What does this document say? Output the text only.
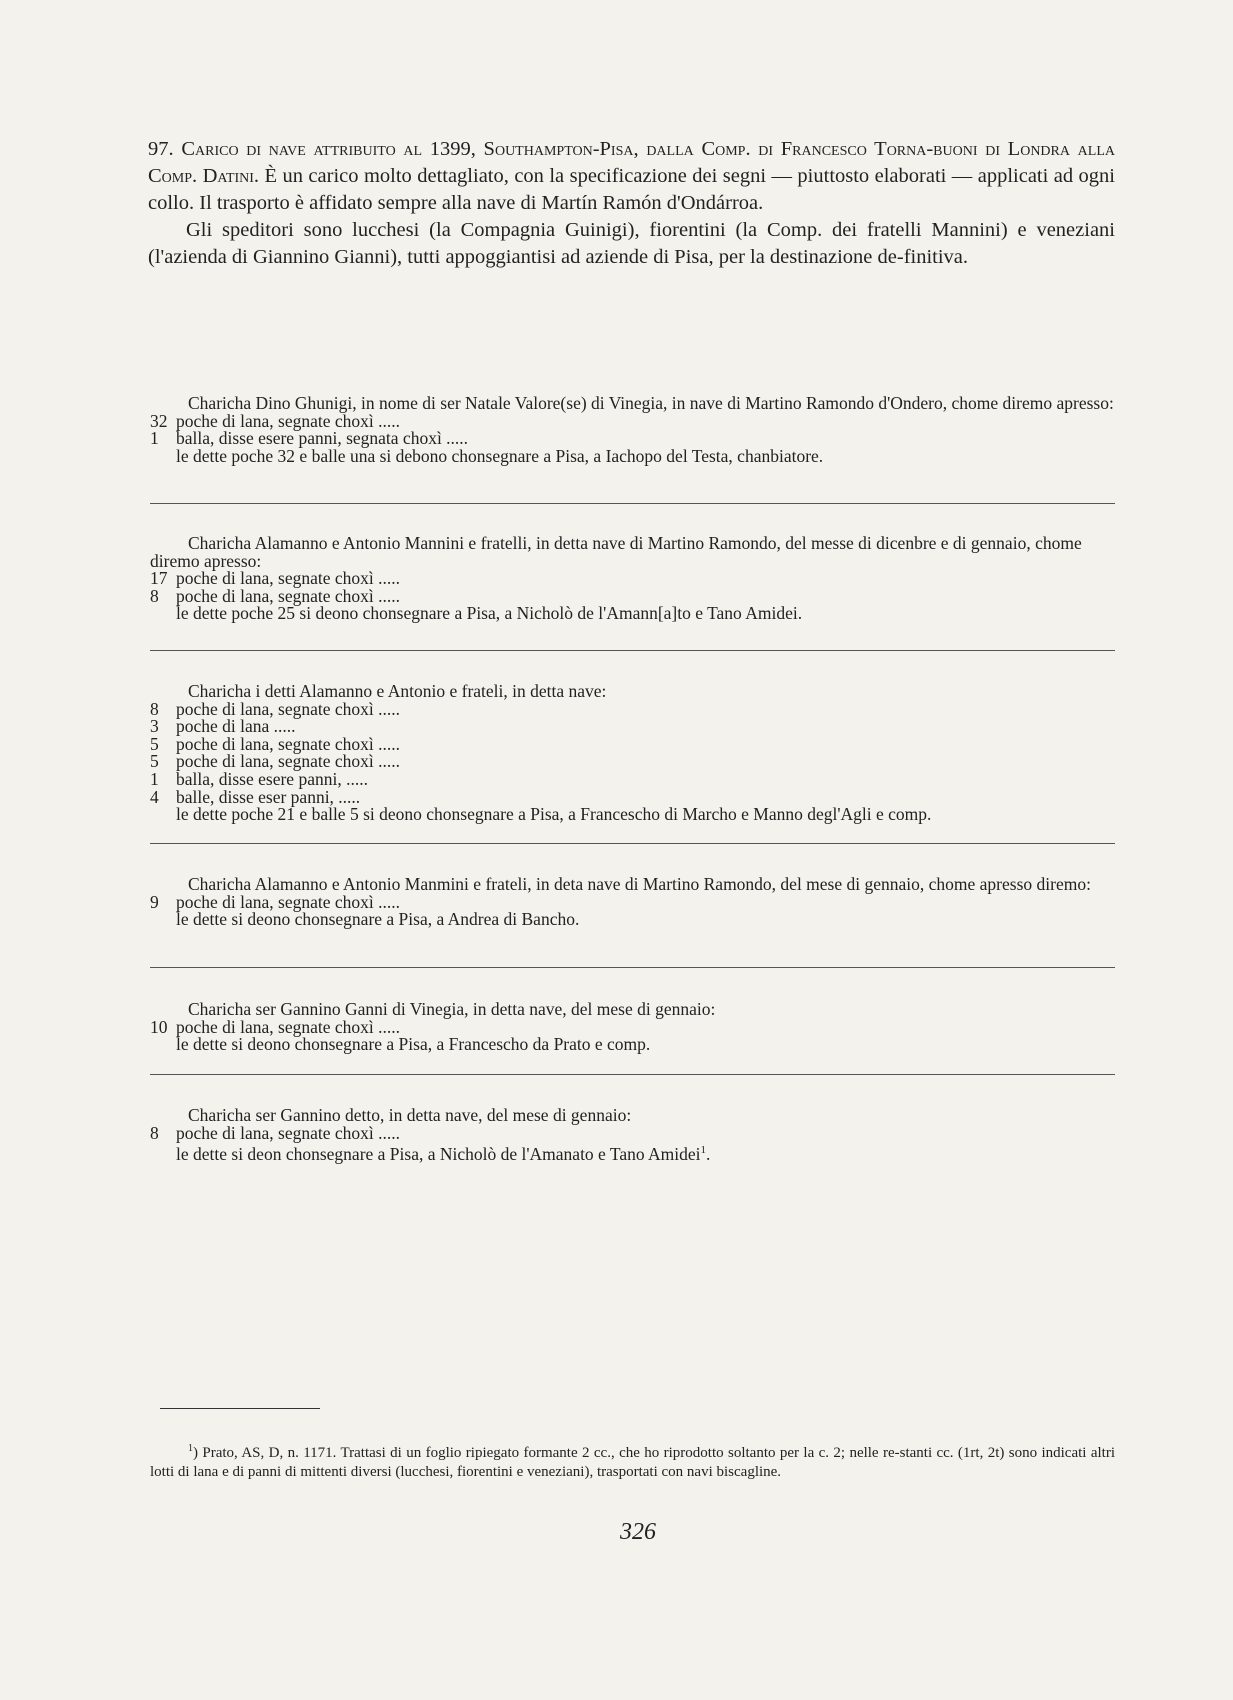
97. Carico di nave attribuito al 1399, Southampton-Pisa, dalla Comp. di Francesco Torna-buoni di Londra alla Comp. Datini. È un carico molto dettagliato, con la specificazione dei segni — piuttosto elaborati — applicati ad ogni collo. Il trasporto è affidato sempre alla nave di Martín Ramón d'Ondárroa.

Gli speditori sono lucchesi (la Compagnia Guinigi), fiorentini (la Comp. dei fratelli Mannini) e veneziani (l'azienda di Giannino Gianni), tutti appoggiantisi ad aziende di Pisa, per la destinazione de-finitiva.

Charicha Dino Ghunigi, in nome di ser Natale Valore(se) di Vinegia, in nave di Martino Ramondo d'Ondero, chome diremo apresso:
32 poche di lana, segnate choxì .....
1 balla, disse esere panni, segnata choxì .....
le dette poche 32 e balle una si debono chonsegnare a Pisa, a Iachopo del Testa, chanbiatore.
Charicha Alamanno e Antonio Mannini e fratelli, in detta nave di Martino Ramondo, del messe di dicenbre e di gennaio, chome diremo apresso:
17 poche di lana, segnate choxì .....
8 poche di lana, segnate choxì .....
le dette poche 25 si deono chonsegnare a Pisa, a Nicholò de l'Amann[a]to e Tano Amidei.
Charicha i detti Alamanno e Antonio e frateli, in detta nave:
8 poche di lana, segnate choxì .....
3 poche di lana .....
5 poche di lana, segnate choxì .....
5 poche di lana, segnate choxì .....
1 balla, disse esere panni, .....
4 balle, disse eser panni, .....
le dette poche 21 e balle 5 si deono chonsegnare a Pisa, a Francescho di Marcho e Manno degl'Agli e comp.
Charicha Alamanno e Antonio Manmini e frateli, in deta nave di Martino Ramondo, del mese di gennaio, chome apresso diremo:
9 poche di lana, segnate choxì .....
le dette si deono chonsegnare a Pisa, a Andrea di Bancho.
Charicha ser Gannino Ganni di Vinegia, in detta nave, del mese di gennaio:
10 poche di lana, segnate choxì .....
le dette si deono chonsegnare a Pisa, a Francescho da Prato e comp.
Charicha ser Gannino detto, in detta nave, del mese di gennaio:
8 poche di lana, segnate choxì .....
le dette si deon chonsegnare a Pisa, a Nicholò de l'Amanato e Tano Amidei$^1$.

$^1$) Prato, AS, D, n. 1171. Trattasi di un foglio ripiegato formante 2 cc., che ho riprodotto soltanto per la c. 2; nelle re-stanti cc. (1rt, 2t) sono indicati altri lotti di lana e di panni di mittenti diversi (lucchesi, fiorentini e veneziani), trasportati con navi biscagline.

326
